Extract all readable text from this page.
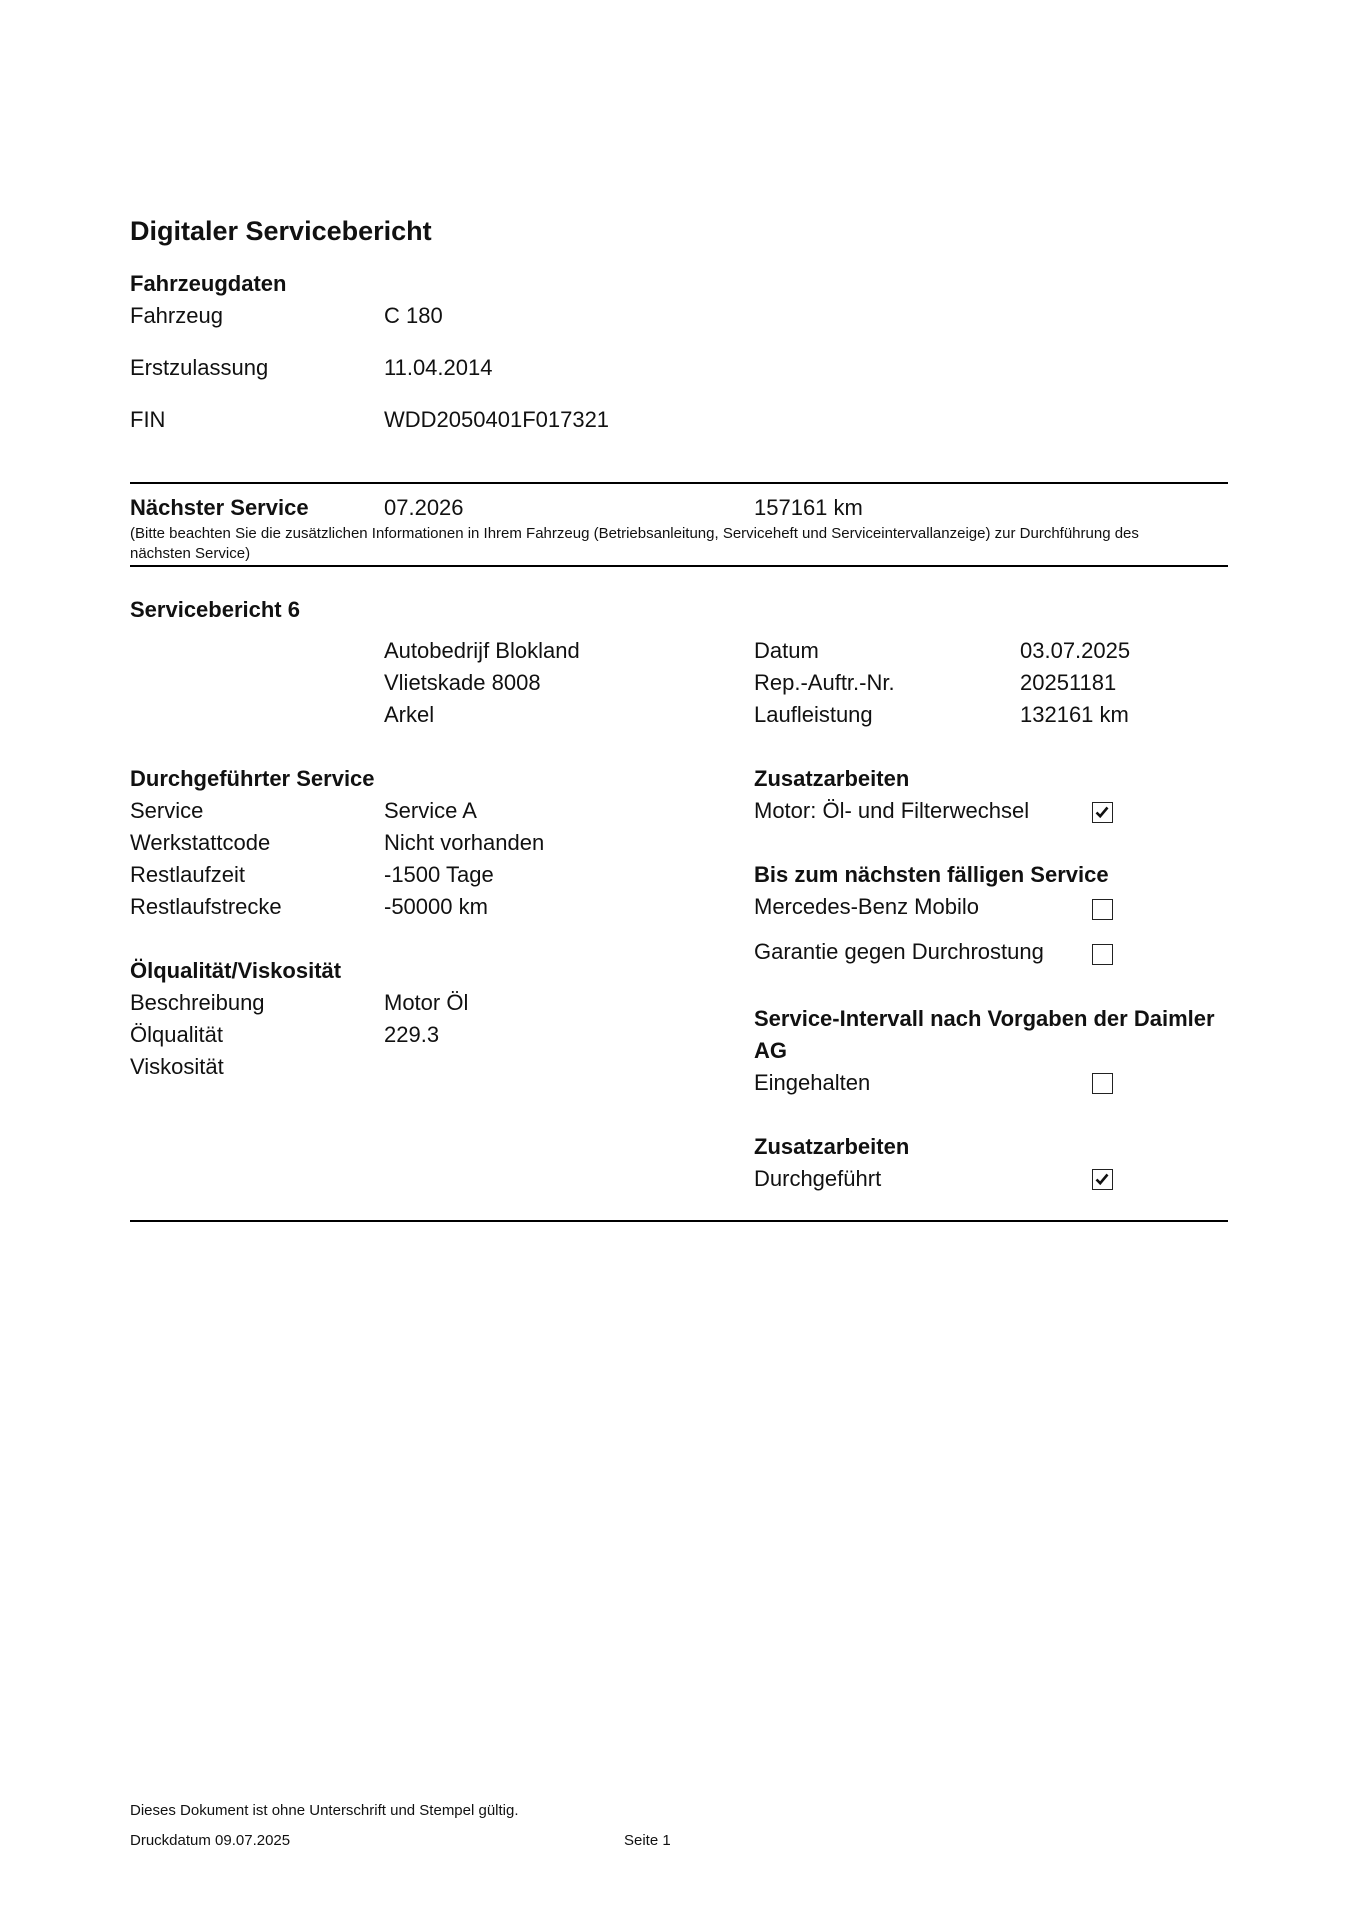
Digitaler Servicebericht
Fahrzeugdaten
Fahrzeug	C 180
Erstzulassung	11.04.2014
FIN	WDD2050401F017321
Nächster Service	07.2026	157161 km
(Bitte beachten Sie die zusätzlichen Informationen in Ihrem Fahrzeug (Betriebsanleitung, Serviceheft und Serviceintervallanzeige) zur Durchführung des nächsten Service)
Servicebericht 6
Autobedrijf Blokland
Vlietskade 8008
Arkel
Datum	03.07.2025
Rep.-Auftr.-Nr.	20251181
Laufleistung	132161 km
Durchgeführter Service
Service	Service A
Werkstattcode	Nicht vorhanden
Restlaufzeit	-1500 Tage
Restlaufstrecke	-50000 km
Ölqualität/Viskosität
Beschreibung	Motor Öl
Ölqualität	229.3
Viskosität
Zusatzarbeiten
Motor: Öl- und Filterwechsel
Bis zum nächsten fälligen Service
Mercedes-Benz Mobilo
Garantie gegen Durchrostung
Service-Intervall nach Vorgaben der Daimler
AG
Eingehalten
Zusatzarbeiten
Durchgeführt
Dieses Dokument ist ohne Unterschrift und Stempel gültig.
Druckdatum 09.07.2025	Seite 1
